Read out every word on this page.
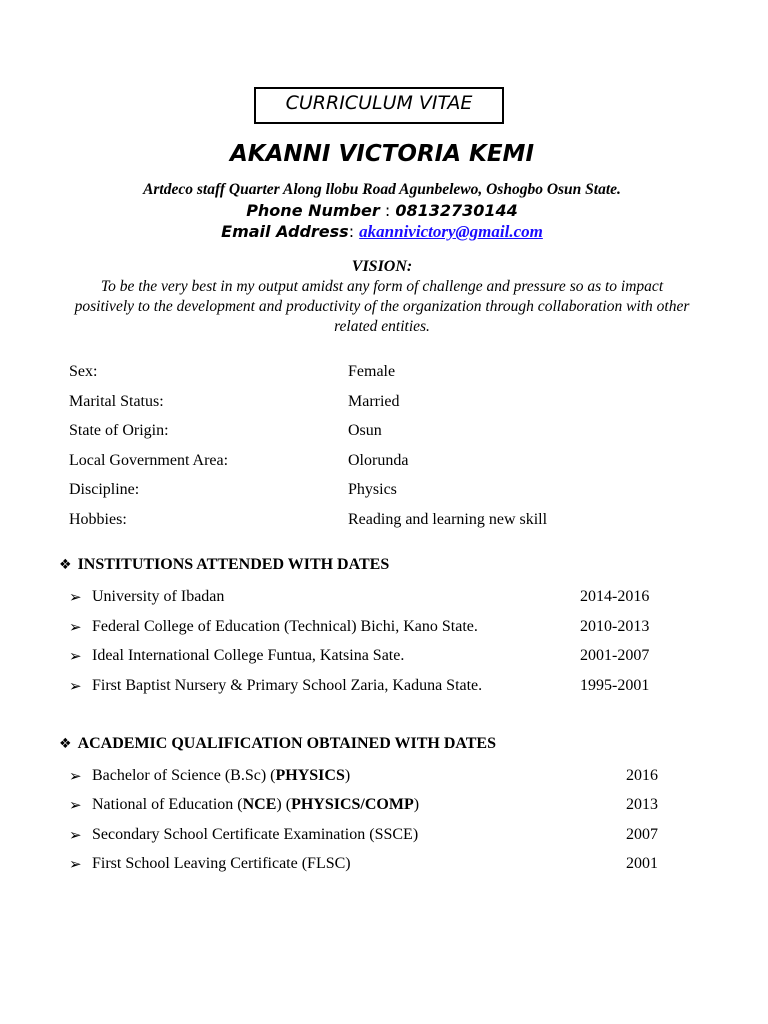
CURRICULUM VITAE
AKANNI VICTORIA KEMI
Artdeco staff Quarter Along llobu Road Agunbelewo, Oshogbo Osun State.
Phone Number : 08132730144
Email Address: akannivictory@gmail.com
VISION:
To be the very best in my output amidst any form of challenge and pressure so as to impact positively to the development and productivity of the organization through collaboration with other related entities.
Sex:	Female
Marital Status:	Married
State of Origin:	Osun
Local Government Area:	Olorunda
Discipline:	Physics
Hobbies:	Reading and learning new skill
❖ INSTITUTIONS ATTENDED WITH DATES
➢ University of Ibadan	2014-2016
➢ Federal College of Education (Technical) Bichi, Kano State.	2010-2013
➢ Ideal International College Funtua, Katsina Sate.	2001-2007
➢ First Baptist Nursery & Primary School Zaria, Kaduna State.	1995-2001
❖ ACADEMIC QUALIFICATION OBTAINED WITH DATES
➢ Bachelor of Science (B.Sc) (PHYSICS)	2016
➢ National of Education (NCE) (PHYSICS/COMP)	2013
➢ Secondary School Certificate Examination (SSCE)	2007
➢ First School Leaving Certificate (FLSC)	2001
